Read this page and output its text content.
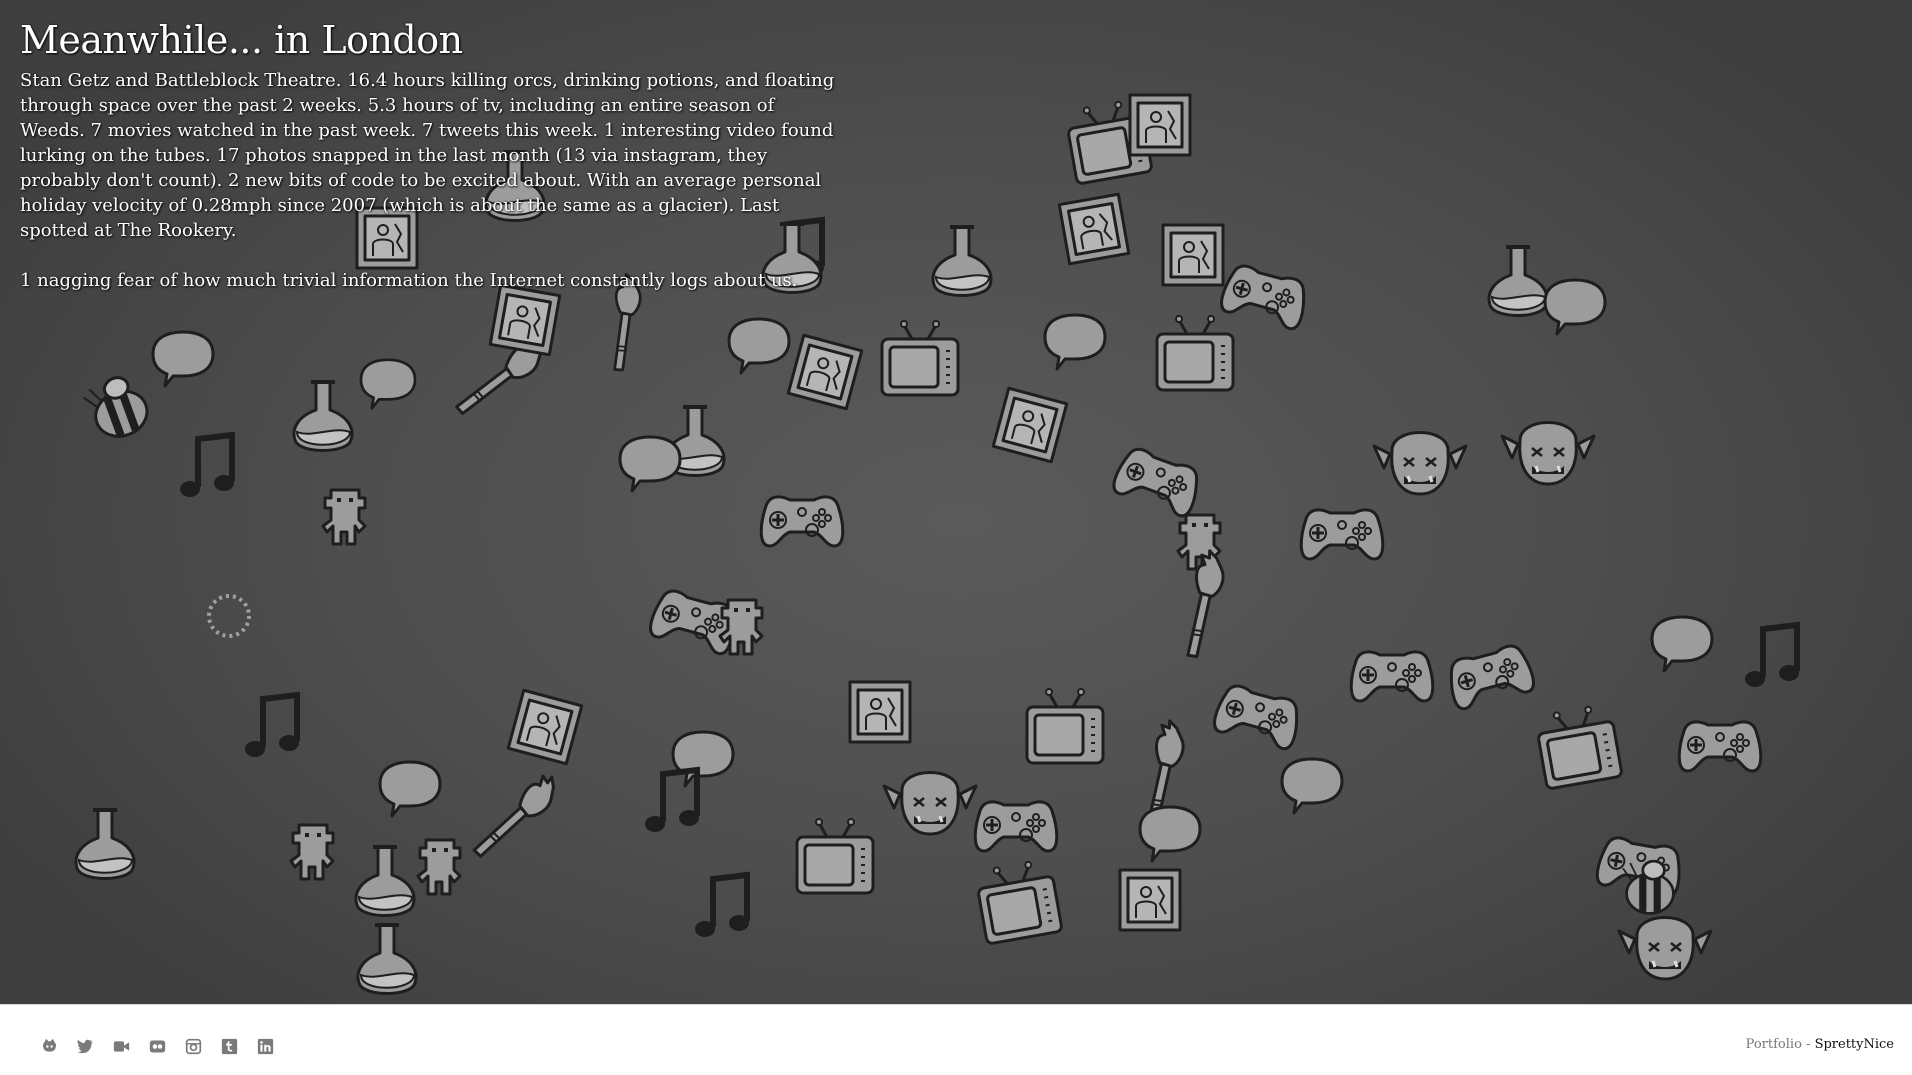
Meanwhile... in London

Stan Getz and Battleblock Theatre. 16.4 hours killing orcs, drinking potions, and floating through space over the past 2 weeks. 5.3 hours of tv, including an entire season of Weeds. 7 movies watched in the past week. 7 tweets this week. 1 interesting video found lurking on the tubes. 17 photos snapped in the last month (13 via instagram, they probably don't count). 2 new bits of code to be excited about. With an average personal holiday velocity of 0.28mph since 2007 (which is about the same as a glacier). Last spotted at The Rookery.

1 nagging fear of how much trivial information the Internet constantly logs about us.

Portfolio - SprettyNice
